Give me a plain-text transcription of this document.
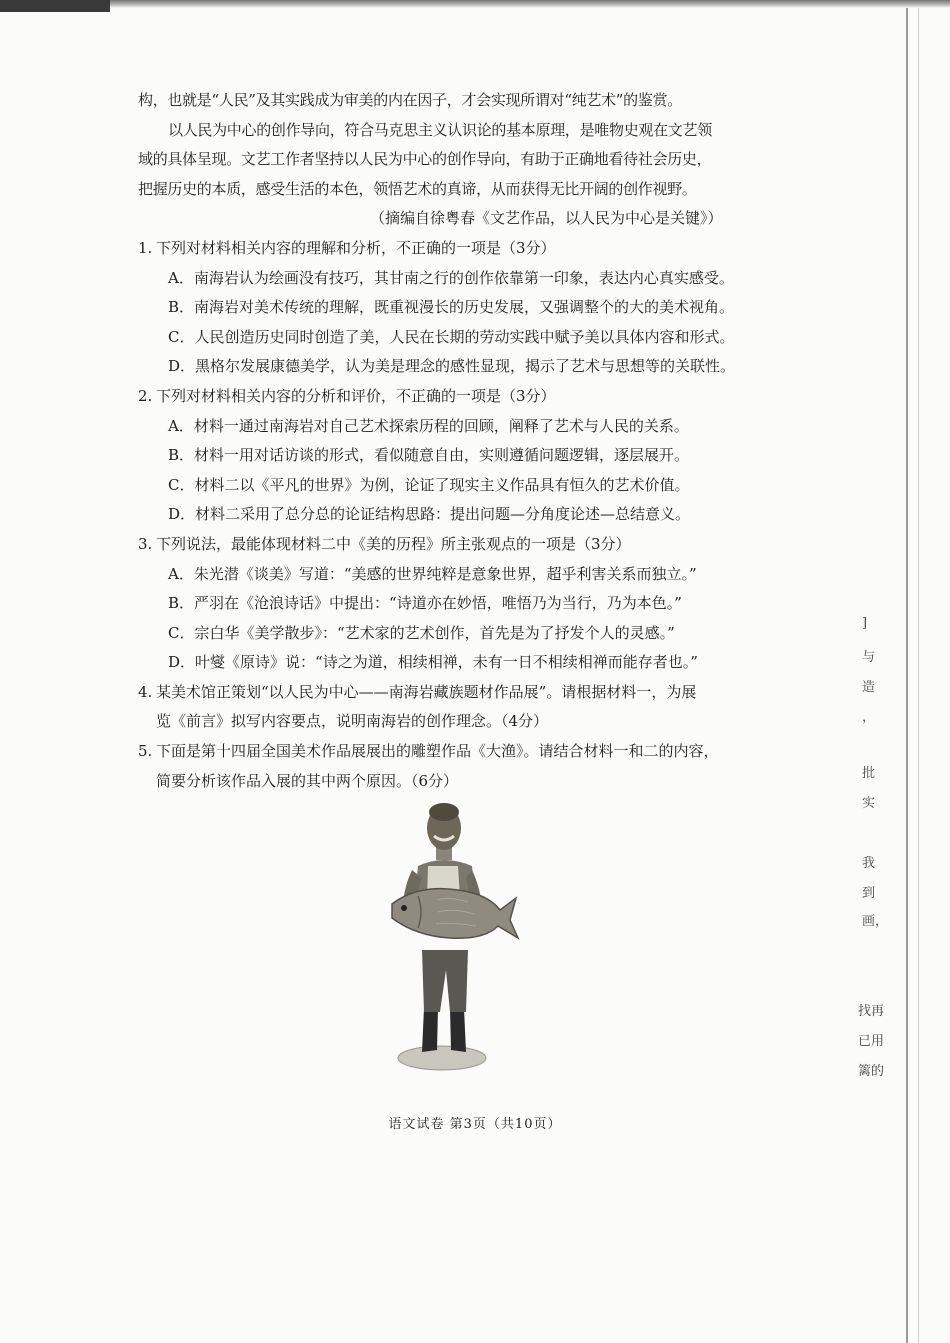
构，也就是“人民”及其实践成为审美的内在因子，才会实现所谓对“纯艺术”的鉴赏。
以人民为中心的创作导向，符合马克思主义认识论的基本原理，是唯物史观在文艺领
域的具体呈现。文艺工作者坚持以人民为中心的创作导向，有助于正确地看待社会历史，
把握历史的本质，感受生活的本色，领悟艺术的真谛，从而获得无比开阔的创作视野。
（摘编自徐粤春《文艺作品，以人民为中心是关键》）
1. 下列对材料相关内容的理解和分析，不正确的一项是（3分）
A．南海岩认为绘画没有技巧，其甘南之行的创作依靠第一印象，表达内心真实感受。
B．南海岩对美术传统的理解，既重视漫长的历史发展，又强调整个的大的美术视角。
C．人民创造历史同时创造了美，人民在长期的劳动实践中赋予美以具体内容和形式。
D．黑格尔发展康德美学，认为美是理念的感性显现，揭示了艺术与思想等的关联性。
2. 下列对材料相关内容的分析和评价，不正确的一项是（3分）
A．材料一通过南海岩对自己艺术探索历程的回顾，阐释了艺术与人民的关系。
B．材料一用对话访谈的形式，看似随意自由，实则遵循问题逻辑，逐层展开。
C．材料二以《平凡的世界》为例，论证了现实主义作品具有恒久的艺术价值。
D．材料二采用了总分总的论证结构思路：提出问题—分角度论述—总结意义。
3. 下列说法，最能体现材料二中《美的历程》所主张观点的一项是（3分）
A．朱光潜《谈美》写道：“美感的世界纯粹是意象世界，超乎利害关系而独立。”
B．严羽在《沧浪诗话》中提出：“诗道亦在妙悟，唯悟乃为当行，乃为本色。”
C．宗白华《美学散步》：“艺术家的艺术创作，首先是为了抒发个人的灵感。”
D．叶燮《原诗》说：“诗之为道，相续相禅，未有一日不相续相禅而能存者也。”
4. 某美术馆正策划“以人民为中心——南海岩藏族题材作品展”。请根据材料一，为展
览《前言》拟写内容要点，说明南海岩的创作理念。（4分）
5. 下面是第十四届全国美术作品展展出的雕塑作品《大渔》。请结合材料一和二的内容，
简要分析该作品入展的其中两个原因。（6分）
语文试卷 第3页（共10页）
]
与
造
，
批
实
我
到
画，
找再
已用
篱的
